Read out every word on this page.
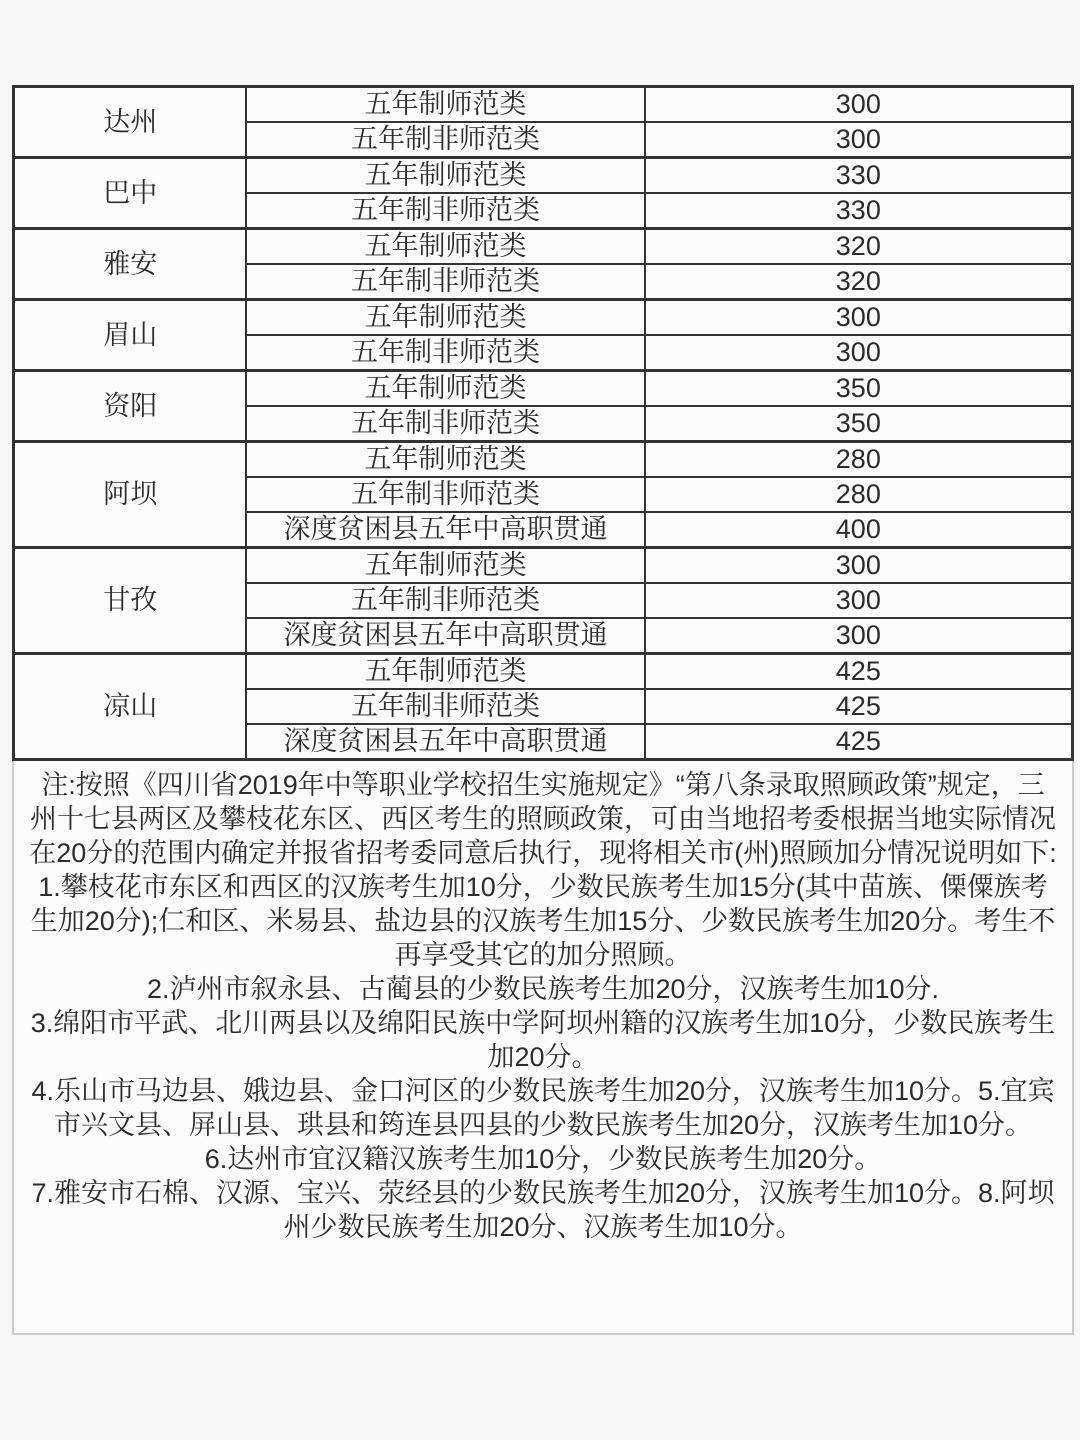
达州	五年制师范类	300
	五年制非师范类	300
巴中	五年制师范类	330
	五年制非师范类	330
雅安	五年制师范类	320
	五年制非师范类	320
眉山	五年制师范类	300
	五年制非师范类	300
资阳	五年制师范类	350
	五年制非师范类	350
阿坝	五年制师范类	280
	五年制非师范类	280
	深度贫困县五年中高职贯通	400
甘孜	五年制师范类	300
	五年制非师范类	300
	深度贫困县五年中高职贯通	300
凉山	五年制师范类	425
	五年制非师范类	425
	深度贫困县五年中高职贯通	425

注:按照《四川省2019年中等职业学校招生实施规定》“第八条录取照顾政策”规定，三州十七县两区及攀枝花东区、西区考生的照顾政策，可由当地招考委根据当地实际情况在20分的范围内确定并报省招考委同意后执行，现将相关市(州)照顾加分情况说明如下:

1.攀枝花市东区和西区的汉族考生加10分，少数民族考生加15分(其中苗族、傈僳族考生加20分);仁和区、米易县、盐边县的汉族考生加15分、少数民族考生加20分。考生不再享受其它的加分照顾。

2.泸州市叙永县、古蔺县的少数民族考生加20分，汉族考生加10分.

3.绵阳市平武、北川两县以及绵阳民族中学阿坝州籍的汉族考生加10分，少数民族考生加20分。

4.乐山市马边县、娥边县、金口河区的少数民族考生加20分，汉族考生加10分。5.宜宾市兴文县、屏山县、珙县和筠连县四县的少数民族考生加20分，汉族考生加10分。

6.达州市宜汉籍汉族考生加10分，少数民族考生加20分。

7.雅安市石棉、汉源、宝兴、荥经县的少数民族考生加20分，汉族考生加10分。8.阿坝州少数民族考生加20分、汉族考生加10分。
